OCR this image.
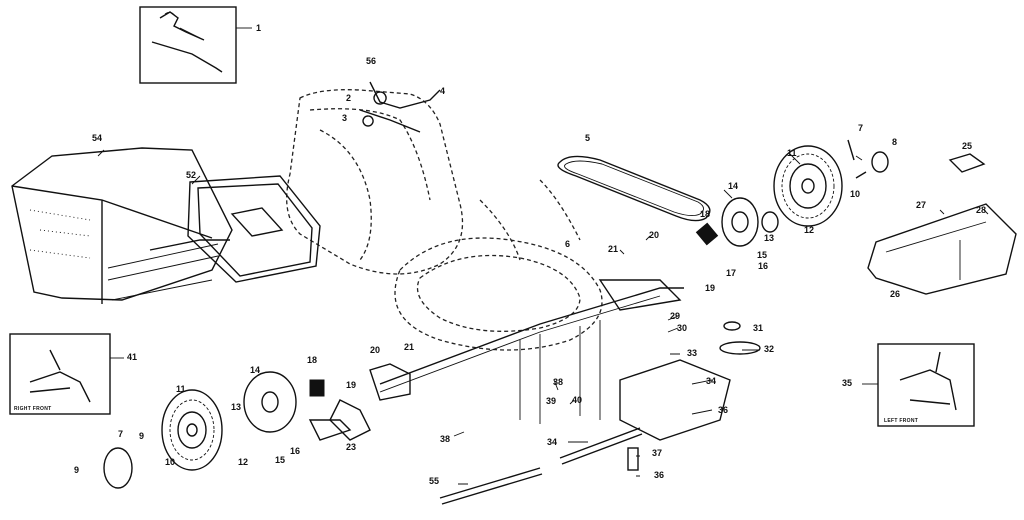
1
56
2
3
4
5
7
8
11
14
10
25
54
52
27	28
18
13
12
15
16
20
21
6
17
19
26
29
30	31
32
33
34	35
36
41	18
20	21
19
14
11
13
9
7
12
16
15
10
23
38
40
39
38
37
36
55
9
34
RIGHT FRONT
LEFT FRONT
